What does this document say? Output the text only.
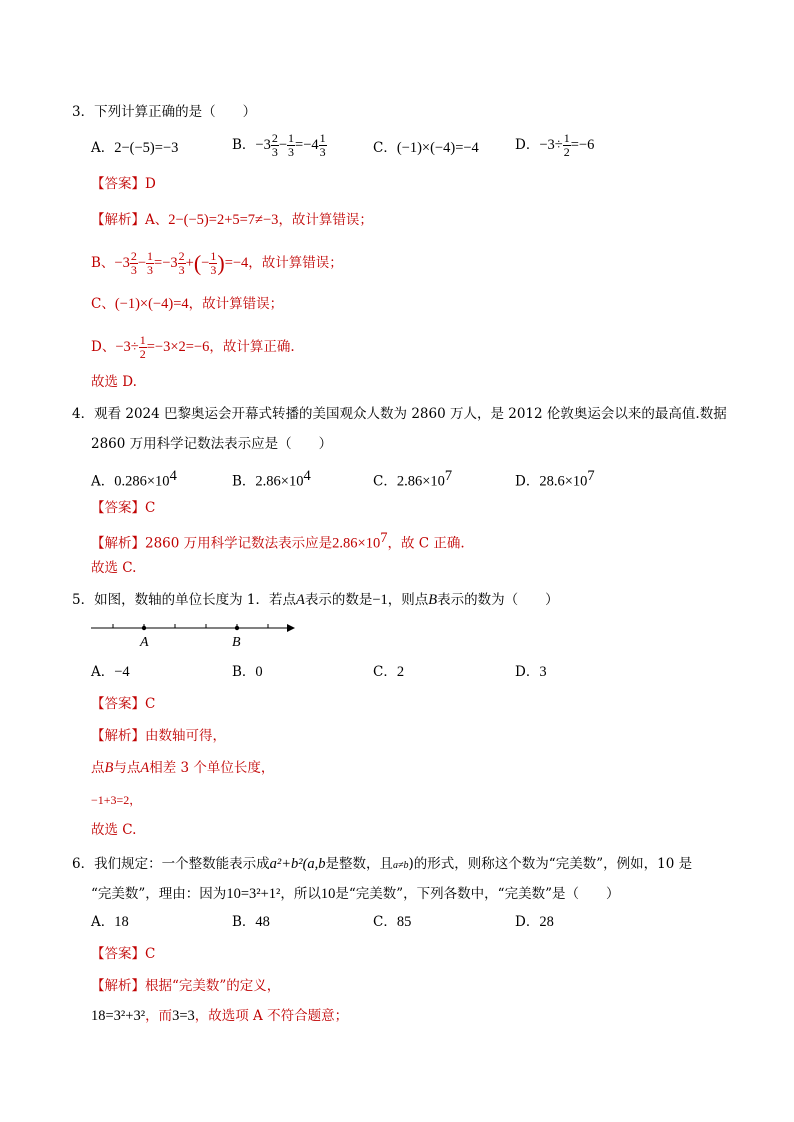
3．下列计算正确的是（　　）
A．2−(−5)=−3	B．$-3 \frac{2}{3} - \frac{1}{3} =-4 \frac{1}{3}$	C．(−1)×(−4)=−4	D．$-3\div \frac{1}{2} =-6$
【答案】D
【解析】A、2−(−5)=2+5=7≠−3，故计算错误；
B、$-3 \frac{2}{3} - \frac{1}{3} =-3 \frac{2}{3}$ +(− $\frac{1}{3} )=-4$，故计算错误；
C、(−1)×(−4)=4，故计算错误；
D、$-3\div \frac{1}{2} =-3\times 2=-6$，故计算正确.
故选 D.
4．观看 2024 巴黎奥运会开幕式转播的美国观众人数为 2860 万人，是 2012 伦敦奥运会以来的最高值.数据
2860 万用科学记数法表示应是（　　）
A．$0.286\times 10^4$	B．$2.86\times 10^4$	C．$2.86\times 10^7$	D．$28.6\times 10^7$
【答案】C
【解析】2860 万用科学记数法表示应是$2.86\times 10^7$，故 C 正确.
故选 C.
5．如图，数轴的单位长度为 1．若点A表示的数是−1，则点B表示的数为（　　）
A	B
A．−4	B．0	C．2	D．3
【答案】C
【解析】由数轴可得，
点B与点A相差 3 个单位长度，
−1+3=2，
故选 C.
6．我们规定：一个整数能表示成a²+b²(a,b是整数，且a≠b)的形式，则称这个数为“完美数”，例如，10 是
“完美数”，理由：因为10=3²+1²，所以10是“完美数”，下列各数中，“完美数”是（　　）
A．18	B．48	C．85	D．28
【答案】C
【解析】根据“完美数”的定义，
18=3²+3²，而3=3，故选项 A 不符合题意；
